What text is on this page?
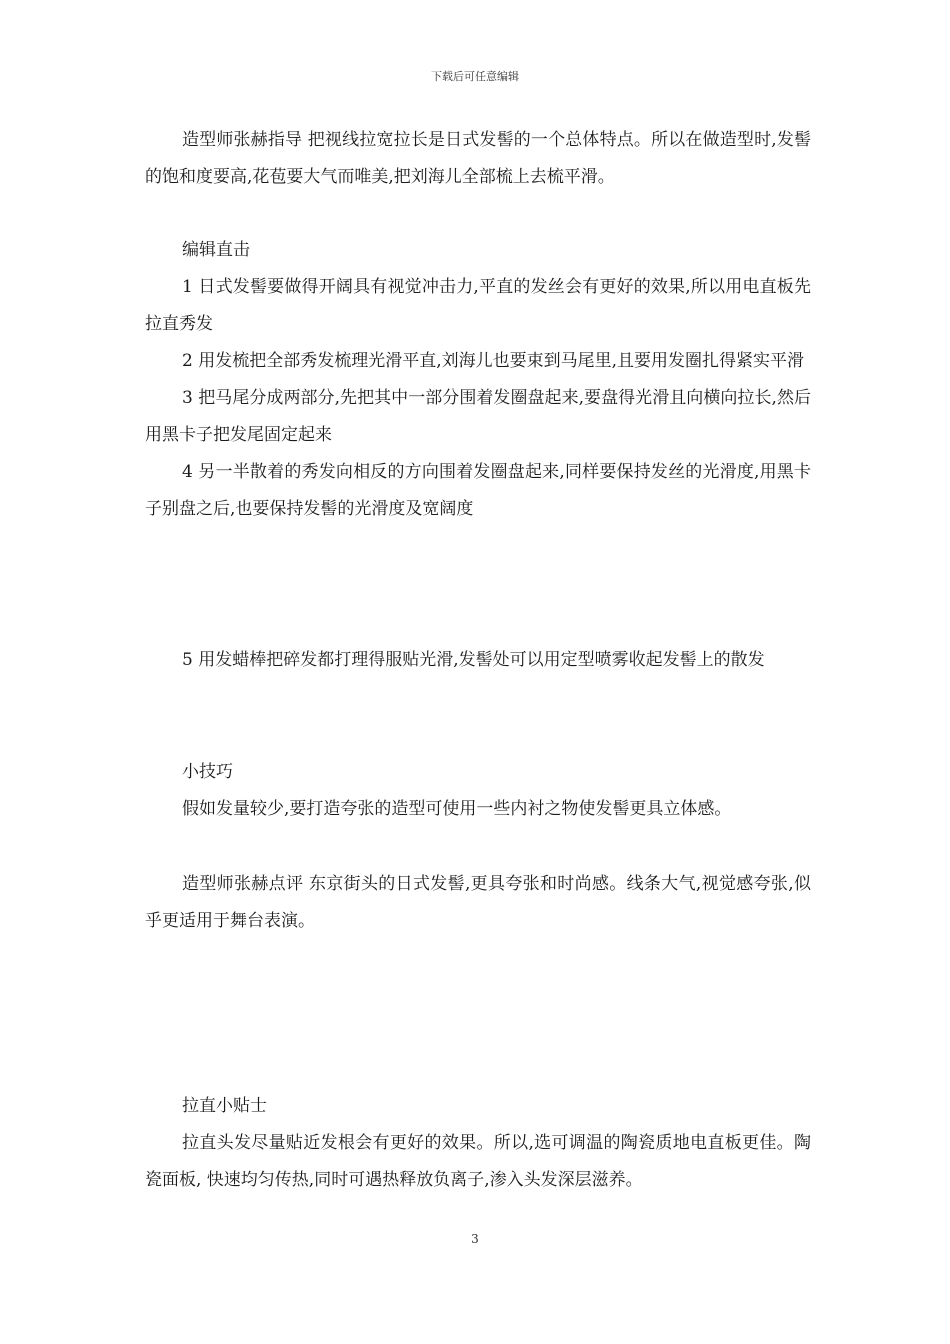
下载后可任意编辑

造型师张赫指导 把视线拉宽拉长是日式发髻的一个总体特点。所以在做造型时,发髻的饱和度要高,花苞要大气而唯美,把刘海儿全部梳上去梳平滑。

编辑直击

1 日式发髻要做得开阔具有视觉冲击力,平直的发丝会有更好的效果,所以用电直板先拉直秀发

2 用发梳把全部秀发梳理光滑平直,刘海儿也要束到马尾里,且要用发圈扎得紧实平滑

3 把马尾分成两部分,先把其中一部分围着发圈盘起来,要盘得光滑且向横向拉长,然后用黑卡子把发尾固定起来

4 另一半散着的秀发向相反的方向围着发圈盘起来,同样要保持发丝的光滑度,用黑卡子别盘之后,也要保持发髻的光滑度及宽阔度

5 用发蜡棒把碎发都打理得服贴光滑,发髻处可以用定型喷雾收起发髻上的散发

小技巧

假如发量较少,要打造夸张的造型可使用一些内衬之物使发髻更具立体感。

造型师张赫点评 东京街头的日式发髻,更具夸张和时尚感。线条大气,视觉感夸张,似乎更适用于舞台表演。

拉直小贴士

拉直头发尽量贴近发根会有更好的效果。所以,选可调温的陶瓷质地电直板更佳。陶瓷面板, 快速均匀传热,同时可遇热释放负离子,渗入头发深层滋养。

3
